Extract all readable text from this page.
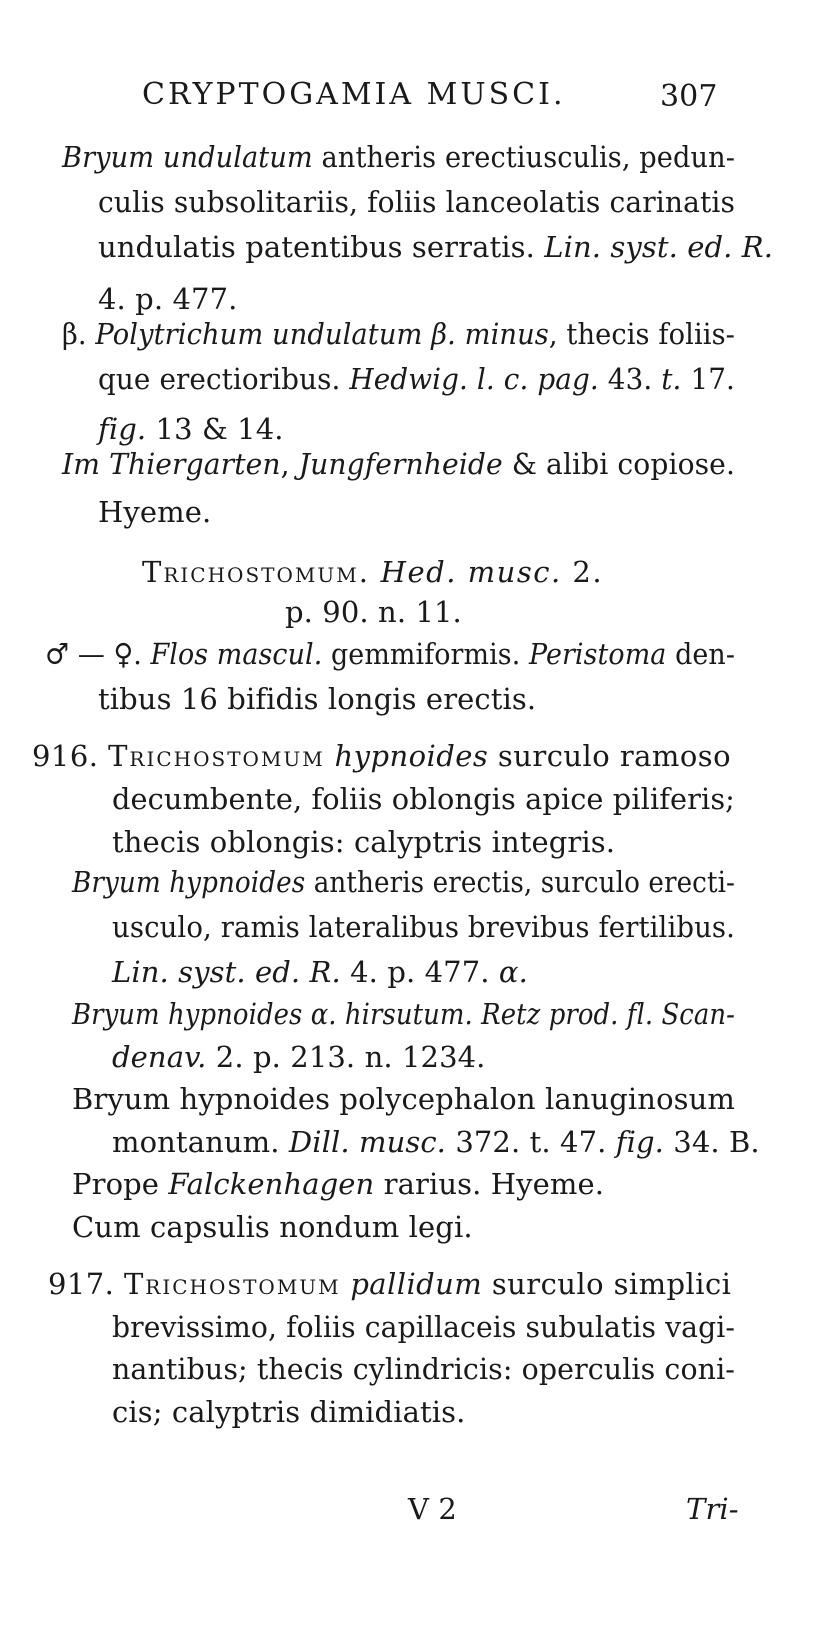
CRYPTOGAMIA MUSCI.	307
Bryum undulatum antheris erectiusculis, pedun-
culis subsolitariis, foliis lanceolatis carinatis
undulatis patentibus serratis. Lin. syst. ed. R.
4. p. 477.
β. Polytrichum undulatum β. minus, thecis foliis-
que erectioribus. Hedwig. l. c. pag. 43. t. 17.
fig. 13 & 14.
Im Thiergarten, Jungfernheide & alibi copiose.
Hyeme.
Trichostomum. Hed. musc. 2.
p. 90. n. 11.
♂ — ♀. Flos mascul. gemmiformis. Peristoma den-
tibus 16 bifidis longis erectis.
916. Trichostomum hypnoides surculo ramoso
decumbente, foliis oblongis apice piliferis;
thecis oblongis: calyptris integris.
Bryum hypnoides antheris erectis, surculo erecti-
usculo, ramis lateralibus brevibus fertilibus.
Lin. syst. ed. R. 4. p. 477. α.
Bryum hypnoides α. hirsutum. Retz prod. fl. Scan-
denav. 2. p. 213. n. 1234.
Bryum hypnoides polycephalon lanuginosum
montanum. Dill. musc. 372. t. 47. fig. 34. B.
Prope Falckenhagen rarius. Hyeme.
Cum capsulis nondum legi.
917. Trichostomum pallidum surculo simplici
brevissimo, foliis capillaceis subulatis vagi-
nantibus; thecis cylindricis: operculis coni-
cis; calyptris dimidiatis.
V 2	Tri-
